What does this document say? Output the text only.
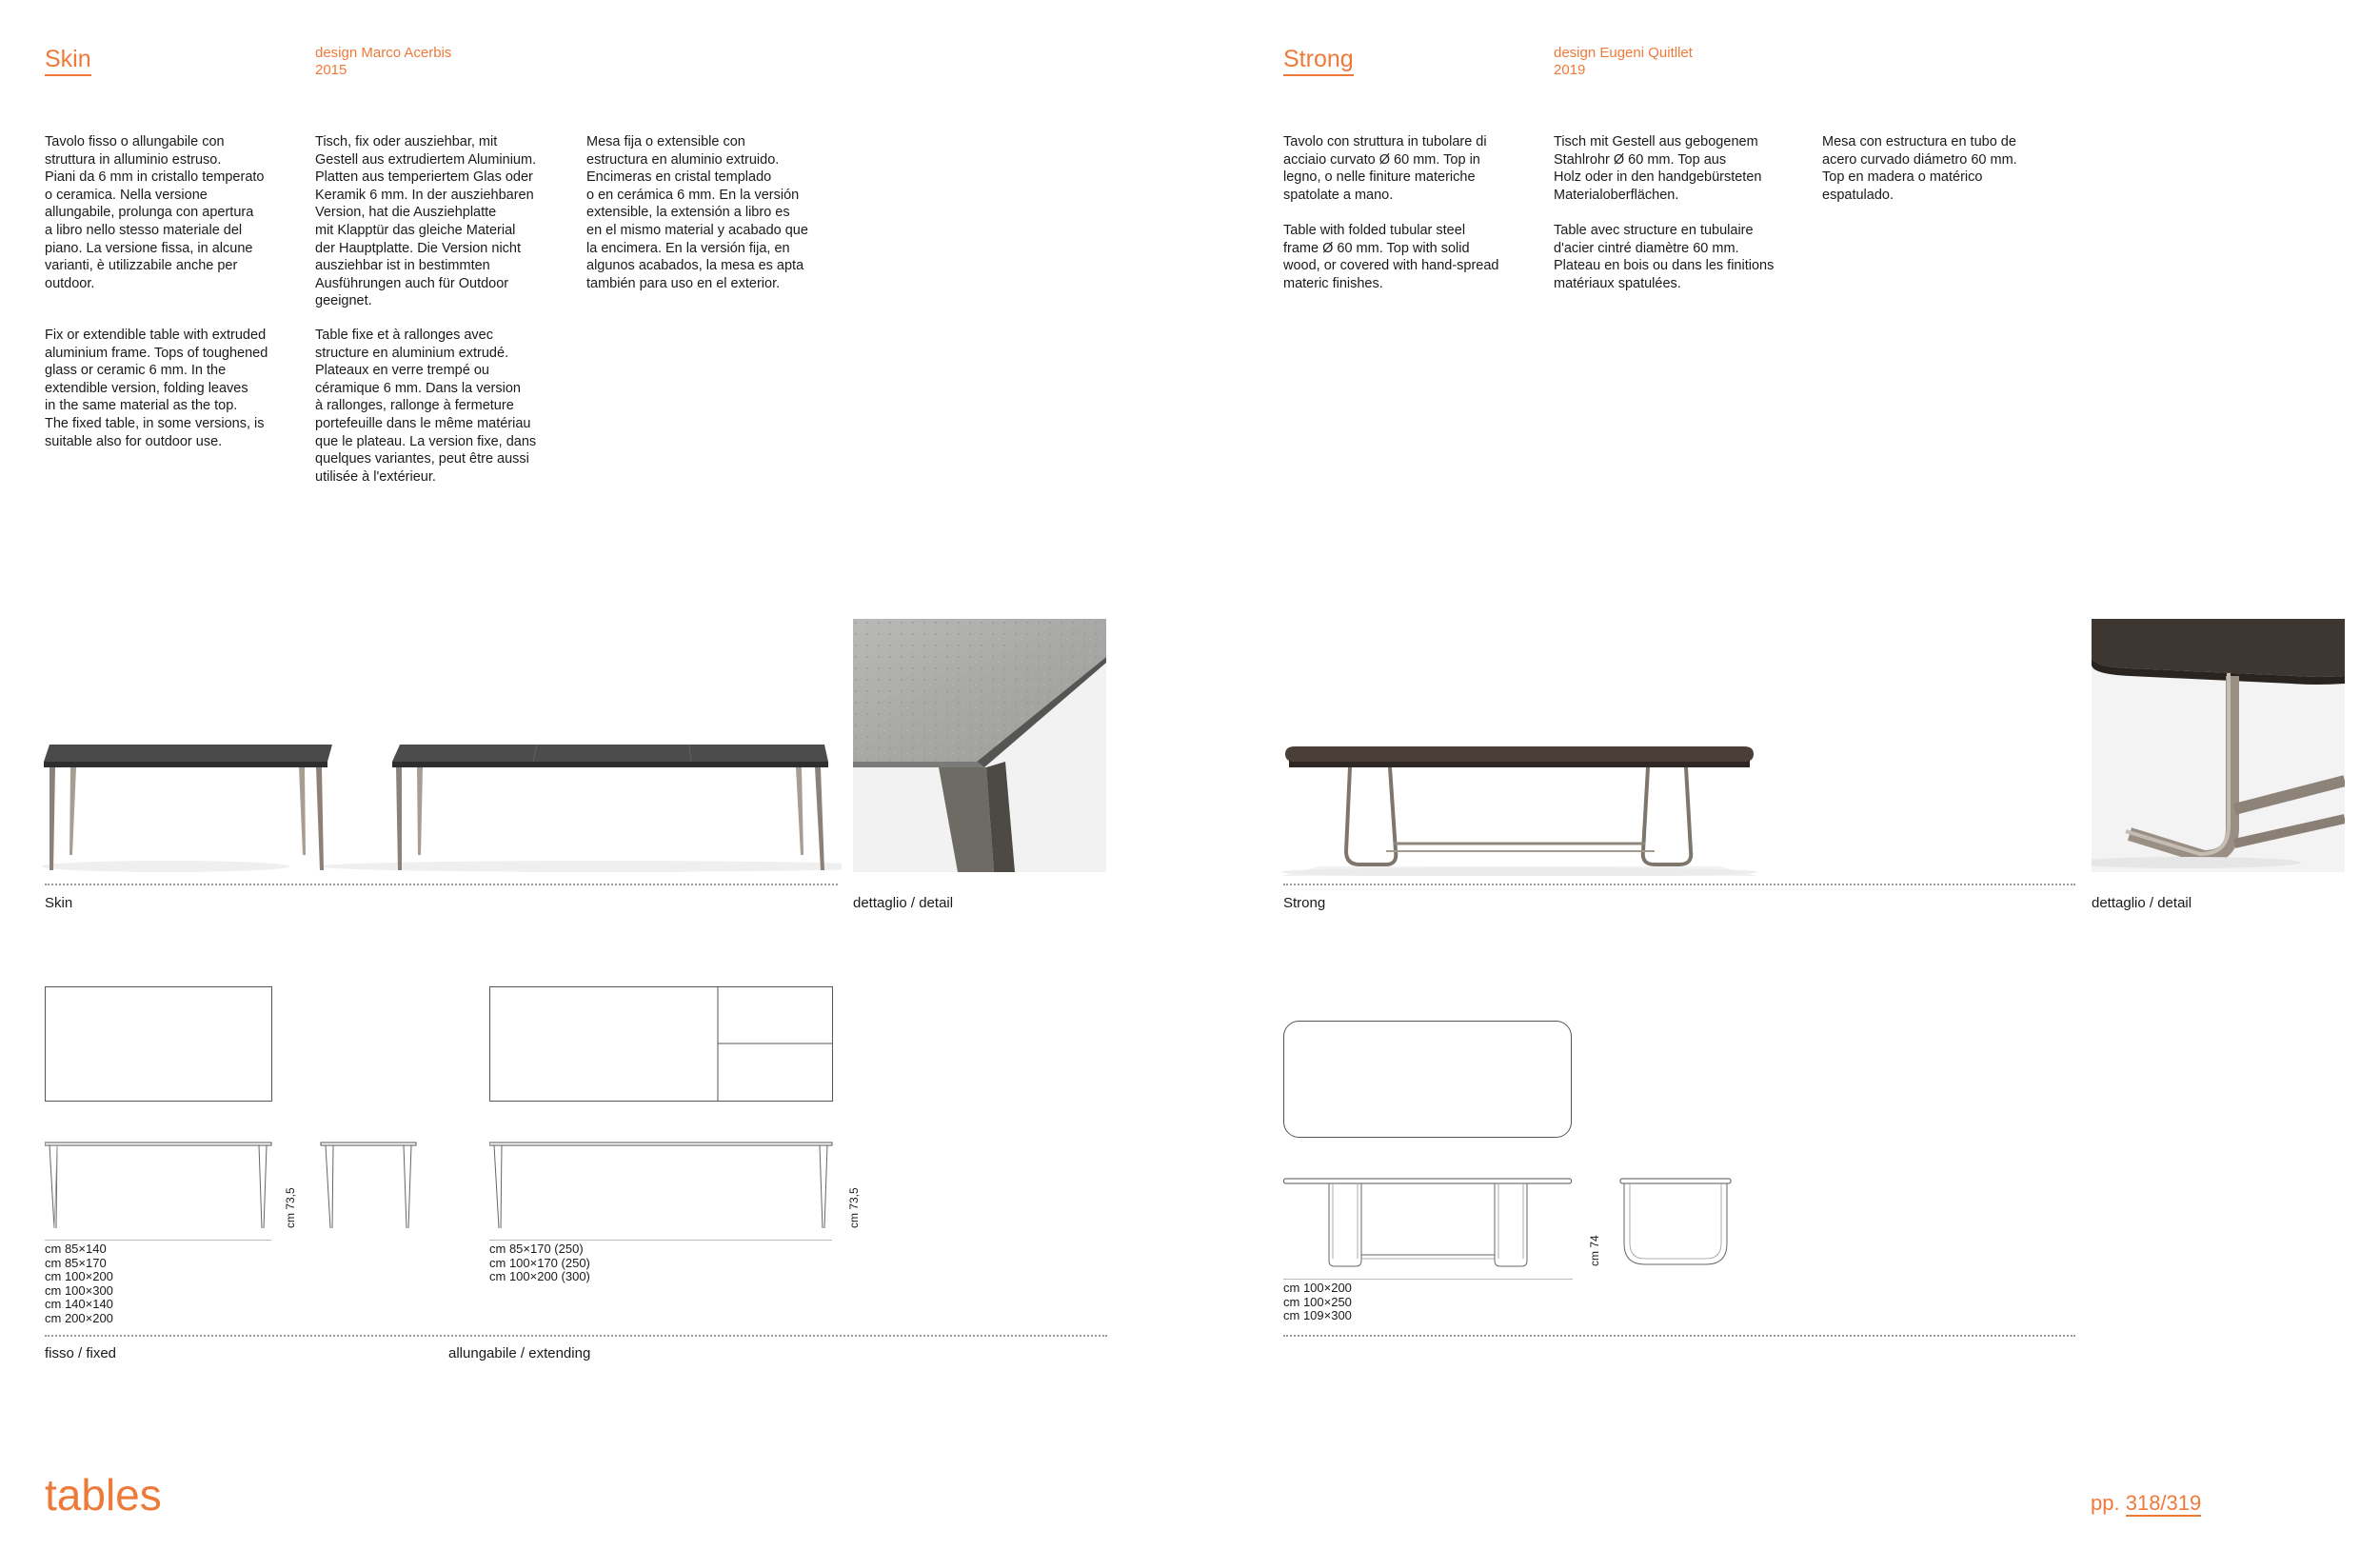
Skin	design Marco Acerbis
2015

Tavolo fisso o allungabile con
struttura in alluminio estruso.
Piani da 6 mm in cristallo temperato
o ceramica. Nella versione
allungabile, prolunga con apertura
a libro nello stesso materiale del
piano. La versione fissa, in alcune
varianti, è utilizzabile anche per
outdoor.

Fix or extendible table with extruded
aluminium frame. Tops of toughened
glass or ceramic 6 mm. In the
extendible version, folding leaves
in the same material as the top.
The fixed table, in some versions, is
suitable also for outdoor use.

Tisch, fix oder ausziehbar, mit
Gestell aus extrudiertem Aluminium.
Platten aus temperiertem Glas oder
Keramik 6 mm. In der ausziehbaren
Version, hat die Ausziehplatte
mit Klapptür das gleiche Material
der Hauptplatte. Die Version nicht
ausziehbar ist in bestimmten
Ausführungen auch für Outdoor
geeignet.

Table fixe et à rallonges avec
structure en aluminium extrudé.
Plateaux en verre trempé ou
céramique 6 mm. Dans la version
à rallonges, rallonge à fermeture
portefeuille dans le même matériau
que le plateau. La version fixe, dans
quelques variantes, peut être aussi
utilisée à l'extérieur.

Mesa fija o extensible con
estructura en aluminio extruido.
Encimeras en cristal templado
o en cerámica 6 mm. En la versión
extensible, la extensión a libro es
en el mismo material y acabado que
la encimera. En la versión fija, en
algunos acabados, la mesa es apta
también para uso en el exterior.

Skin	dettaglio / detail
cm 73,5
cm 85×140
cm 85×170
cm 100×200
cm 100×300
cm 140×140
cm 200×200
cm 73,5
cm 85×170 (250)
cm 100×170 (250)
cm 100×200 (300)
fisso / fixed	allungabile / extending
tables
Strong	design Eugeni Quitllet
2019

Tavolo con struttura in tubolare di
acciaio curvato Ø 60 mm. Top in
legno, o nelle finiture materiche
spatolate a mano.

Table with folded tubular steel
frame Ø 60 mm. Top with solid
wood, or covered with hand-spread
materic finishes.

Tisch mit Gestell aus gebogenem
Stahlrohr Ø 60 mm. Top aus
Holz oder in den handgebürsteten
Materialoberflächen.

Table avec structure en tubulaire
d'acier cintré diamètre 60 mm.
Plateau en bois ou dans les finitions
matériaux spatulées.

Mesa con estructura en tubo de
acero curvado diámetro 60 mm.
Top en madera o matérico
espatulado.

Strong	dettaglio / detail
cm 74
cm 100×200
cm 100×250
cm 109×300
pp. 318/319
